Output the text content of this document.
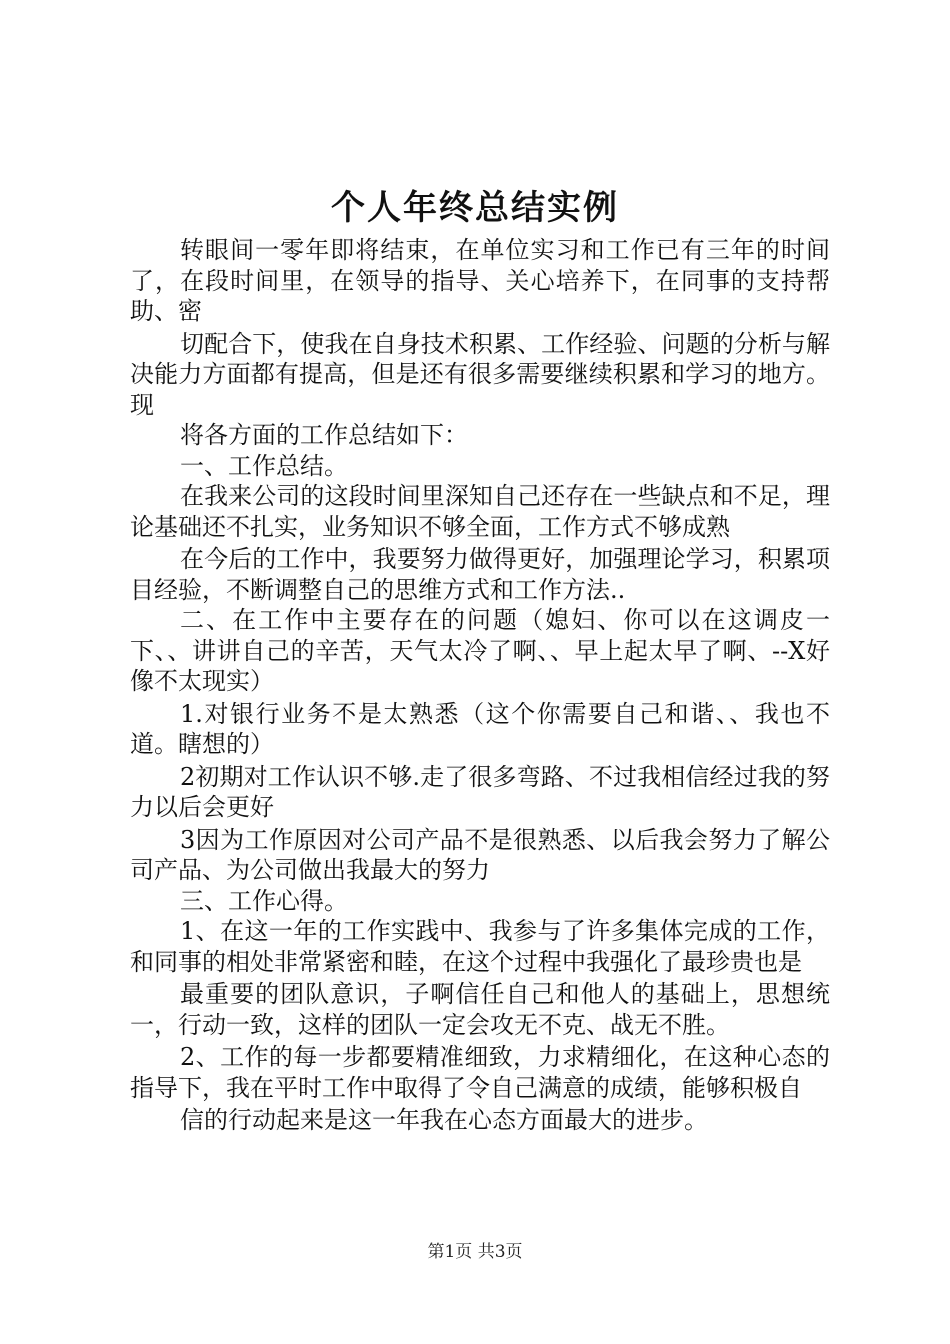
个人年终总结实例

转眼间一零年即将结束，在单位实习和工作已有三年的时间了，在段时间里，在领导的指导、关心培养下，在同事的支持帮助、密

切配合下，使我在自身技术积累、工作经验、问题的分析与解决能力方面都有提高，但是还有很多需要继续积累和学习的地方。现

将各方面的工作总结如下：

一、工作总结。

在我来公司的这段时间里深知自己还存在一些缺点和不足，理论基础还不扎实，业务知识不够全面，工作方式不够成熟

在今后的工作中，我要努力做得更好，加强理论学习，积累项目经验，不断调整自己的思维方式和工作方法..

二、在工作中主要存在的问题（媳妇、你可以在这调皮一下、、讲讲自己的辛苦，天气太冷了啊、、早上起太早了啊、--X好像不太现实）

1.对银行业务不是太熟悉（这个你需要自己和谐、、我也不道。瞎想的）

2初期对工作认识不够.走了很多弯路、不过我相信经过我的努力以后会更好

3因为工作原因对公司产品不是很熟悉、以后我会努力了解公司产品、为公司做出我最大的努力

三、工作心得。

1、在这一年的工作实践中、我参与了许多集体完成的工作，和同事的相处非常紧密和睦，在这个过程中我强化了最珍贵也是

最重要的团队意识，子啊信任自己和他人的基础上，思想统一，行动一致，这样的团队一定会攻无不克、战无不胜。

2、工作的每一步都要精准细致，力求精细化，在这种心态的指导下，我在平时工作中取得了令自己满意的成绩，能够积极自

信的行动起来是这一年我在心态方面最大的进步。

第1页 共3页
